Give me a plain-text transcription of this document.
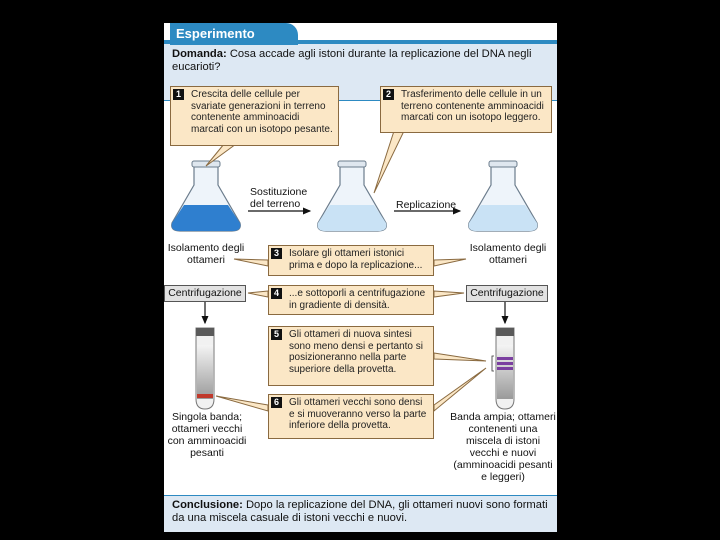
Esperimento
Domanda: Cosa accade agli istoni durante la replicazione del DNA negli eucarioti?
1	Crescita delle cellule per svariate generazioni in terreno contenente amminoacidi marcati con un isotopo pesante.
2	Trasferimento delle cellule in un terreno contenente amminoacidi marcati con un isotopo leggero.
Sostituzione del terreno	Replicazione
Isolamento degli ottameri
Isolamento degli ottameri
3	Isolare gli ottameri istonici prima e dopo la replicazione...
Centrifugazione	Centrifugazione
4	...e sottoporli a centrifugazione in gradiente di densità.
5	Gli ottameri di nuova sintesi sono meno densi e pertanto si posizioneranno nella parte superiore della provetta.
6	Gli ottameri vecchi sono densi e si muoveranno verso la parte inferiore della provetta.
Singola banda; ottameri vecchi con amminoacidi pesanti
Banda ampia; ottameri contenenti una miscela di istoni vecchi e nuovi (amminoacidi pesanti e leggeri)
Conclusione: Dopo la replicazione del DNA, gli ottameri nuovi sono formati da una miscela casuale di istoni vecchi e nuovi.
